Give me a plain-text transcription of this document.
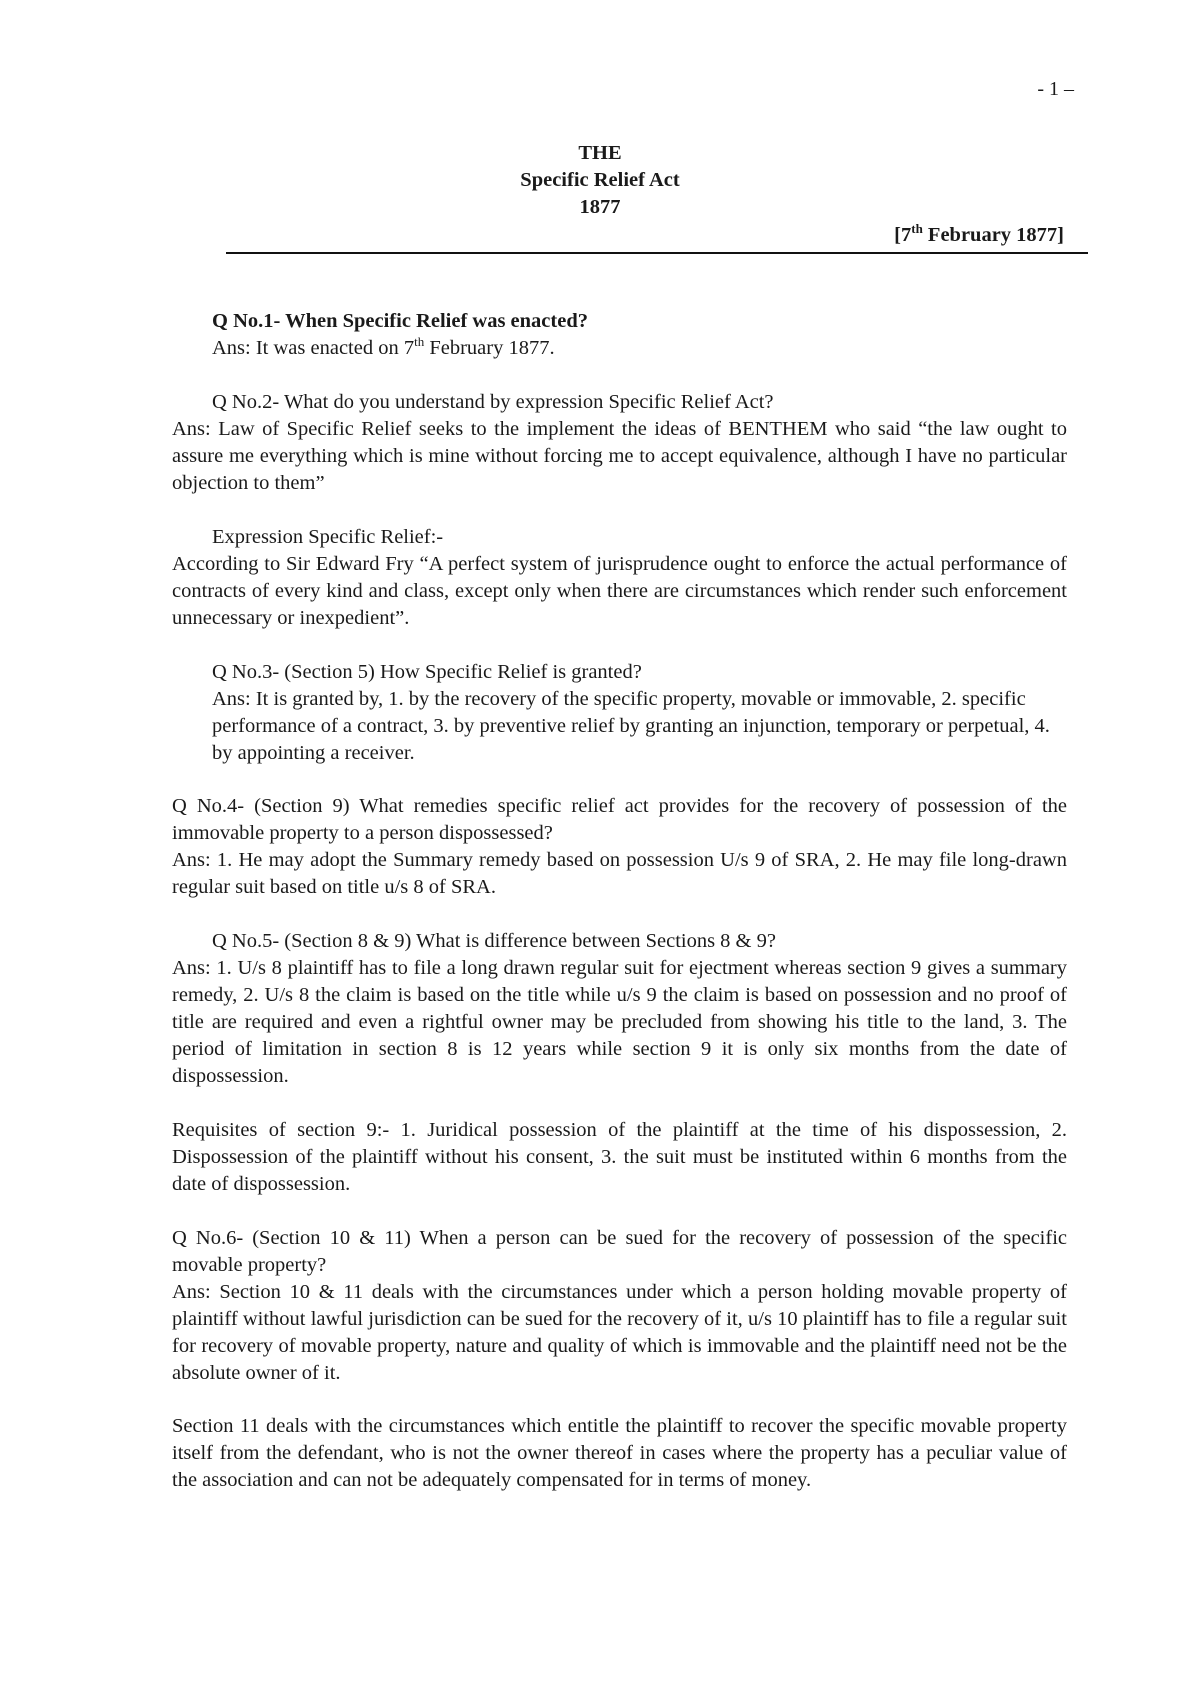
- 1 –
THE
Specific Relief Act
1877
[7th February 1877]
Q No.1- When Specific Relief was enacted?
Ans: It was enacted on 7th February 1877.
Q No.2- What do you understand by expression Specific Relief Act?
Ans: Law of Specific Relief seeks to the implement the ideas of BENTHEM who said “the law ought to assure me everything which is mine without forcing me to accept equivalence, although I have no particular objection to them”
Expression Specific Relief:-
According to Sir Edward Fry “A perfect system of jurisprudence ought to enforce the actual performance of contracts of every kind and class, except only when there are circumstances which render such enforcement unnecessary or inexpedient”.
Q No.3- (Section 5) How Specific Relief is granted?
Ans: It is granted by, 1. by the recovery of the specific property, movable or immovable, 2. specific performance of a contract, 3. by preventive relief by granting an injunction, temporary or perpetual, 4. by appointing a receiver.
Q No.4- (Section 9) What remedies specific relief act provides for the recovery of possession of the immovable property to a person dispossessed?
Ans: 1. He may adopt the Summary remedy based on possession U/s 9 of SRA, 2. He may file long-drawn regular suit based on title u/s 8 of SRA.
Q No.5- (Section 8 & 9) What is difference between Sections 8 & 9?
Ans: 1. U/s 8 plaintiff has to file a long drawn regular suit for ejectment whereas section 9 gives a summary remedy, 2. U/s 8 the claim is based on the title while u/s 9 the claim is based on possession and no proof of title are required and even a rightful owner may be precluded from showing his title to the land, 3. The period of limitation in section 8 is 12 years while section 9 it is only six months from the date of dispossession.
Requisites of section 9:- 1. Juridical possession of the plaintiff at the time of his dispossession, 2. Dispossession of the plaintiff without his consent, 3. the suit must be instituted within 6 months from the date of dispossession.
Q No.6- (Section 10 & 11) When a person can be sued for the recovery of possession of the specific movable property?
Ans: Section 10 & 11 deals with the circumstances under which a person holding movable property of plaintiff without lawful jurisdiction can be sued for the recovery of it, u/s 10 plaintiff has to file a regular suit for recovery of movable property, nature and quality of which is immovable and the plaintiff need not be the absolute owner of it.
Section 11 deals with the circumstances which entitle the plaintiff to recover the specific movable property itself from the defendant, who is not the owner thereof in cases where the property has a peculiar value of the association and can not be adequately compensated for in terms of money.
